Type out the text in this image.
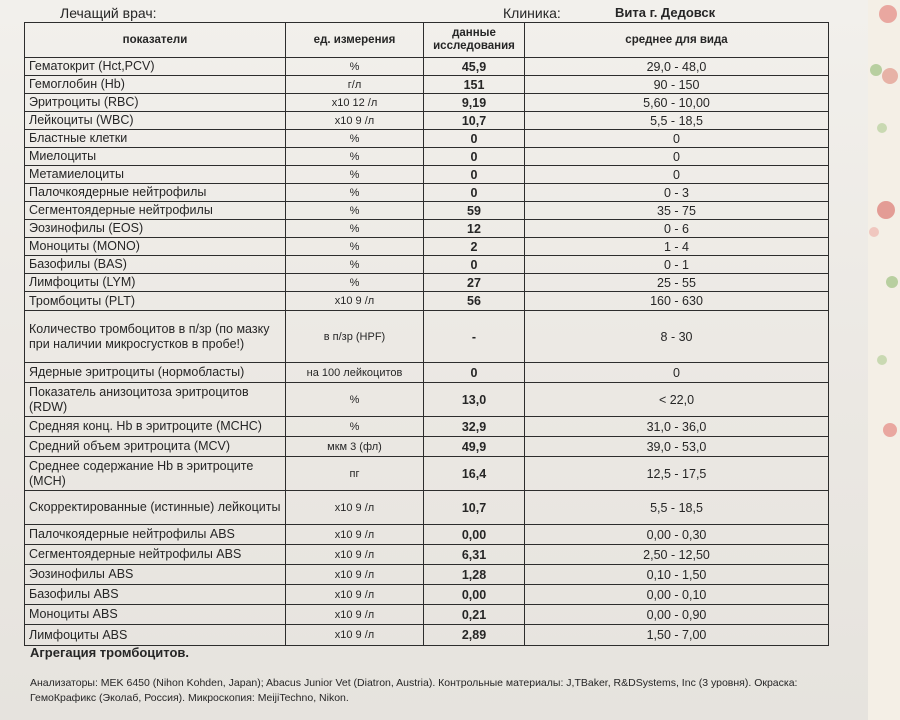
Лечащий врач:	Клиника:	Вита г. Дедовск
показатели	ед. измерения	данные исследования	среднее для вида
Гематокрит (Hct,PCV)	%	45,9	29,0 - 48,0
Гемоглобин (Hb)	г/л	151	90 - 150
Эритроциты (RBC)	х10 12 /л	9,19	5,60 - 10,00
Лейкоциты (WBC)	х10 9 /л	10,7	5,5 - 18,5
Бластные клетки	%	0	0
Миелоциты	%	0	0
Метамиелоциты	%	0	0
Палочкоядерные нейтрофилы	%	0	0 - 3
Сегментоядерные нейтрофилы	%	59	35 - 75
Эозинофилы (EOS)	%	12	0 - 6
Моноциты (MONO)	%	2	1 - 4
Базофилы (BAS)	%	0	0 - 1
Лимфоциты (LYM)	%	27	25 - 55
Тромбоциты (PLT)	х10 9 /л	56	160 - 630
Количество тромбоцитов в п/зр (по мазку при наличии микросгустков в пробе!)	в п/зр (HPF)	-	8 - 30
Ядерные эритроциты (нормобласты)	на 100 лейкоцитов	0	0
Показатель анизоцитоза эритроцитов (RDW)	%	13,0	< 22,0
Средняя конц. Hb в эритроците (MCHC)	%	32,9	31,0 - 36,0
Средний объем эритроцита (MCV)	мкм 3 (фл)	49,9	39,0 - 53,0
Среднее содержание Hb в эритроците (MCH)	пг	16,4	12,5 - 17,5
Скорректированные (истинные) лейкоциты	х10 9 /л	10,7	5,5 - 18,5
Палочкоядерные нейтрофилы ABS	х10 9 /л	0,00	0,00 - 0,30
Сегментоядерные нейтрофилы ABS	х10 9 /л	6,31	2,50 - 12,50
Эозинофилы ABS	х10 9 /л	1,28	0,10 - 1,50
Базофилы ABS	х10 9 /л	0,00	0,00 - 0,10
Моноциты ABS	х10 9 /л	0,21	0,00 - 0,90
Лимфоциты ABS	х10 9 /л	2,89	1,50 - 7,00
Агрегация тромбоцитов.
Анализаторы: MEK 6450 (Nihon Kohden, Japan); Abacus Junior Vet (Diatron, Austria). Контрольные материалы: J,TBaker, R&DSystems, Inc (3 уровня). Окраска: ГемоКрафикс (Эколаб, Россия). Микроскопия: MeijiTechno, Nikon.
